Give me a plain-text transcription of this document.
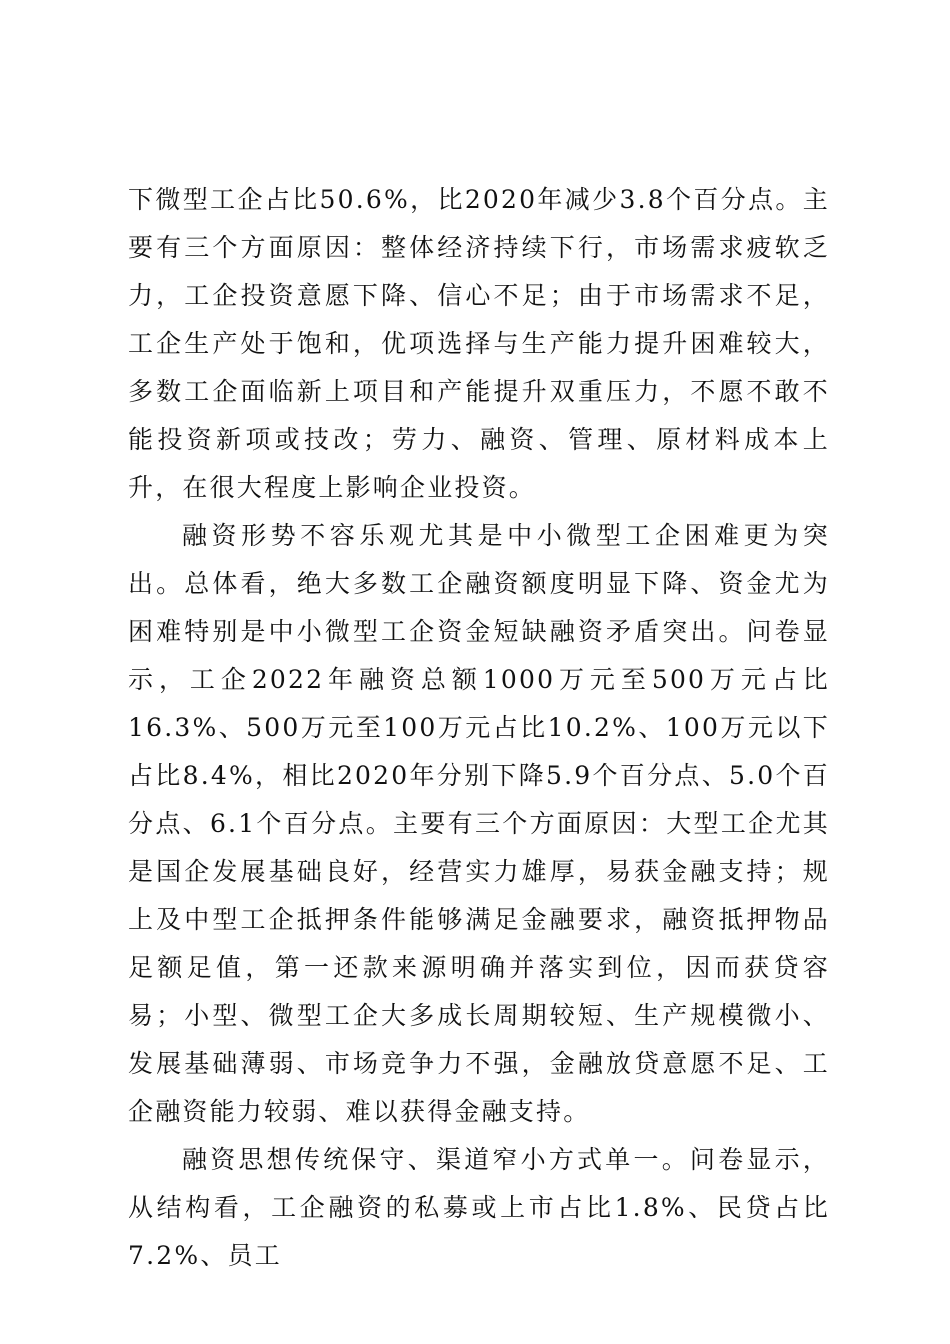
下微型工企占比50.6%，比2020年减少3.8个百分点。主要有三个方面原因：整体经济持续下行，市场需求疲软乏力，工企投资意愿下降、信心不足；由于市场需求不足，工企生产处于饱和，优项选择与生产能力提升困难较大，多数工企面临新上项目和产能提升双重压力，不愿不敢不能投资新项或技改；劳力、融资、管理、原材料成本上升，在很大程度上影响企业投资。

融资形势不容乐观尤其是中小微型工企困难更为突出。总体看，绝大多数工企融资额度明显下降、资金尤为困难特别是中小微型工企资金短缺融资矛盾突出。问卷显示，工企2022年融资总额1000万元至500万元占比16.3%、500万元至100万元占比10.2%、100万元以下占比8.4%，相比2020年分别下降5.9个百分点、5.0个百分点、6.1个百分点。主要有三个方面原因：大型工企尤其是国企发展基础良好，经营实力雄厚，易获金融支持；规上及中型工企抵押条件能够满足金融要求，融资抵押物品足额足值，第一还款来源明确并落实到位，因而获贷容易；小型、微型工企大多成长周期较短、生产规模微小、发展基础薄弱、市场竞争力不强，金融放贷意愿不足、工企融资能力较弱、难以获得金融支持。

融资思想传统保守、渠道窄小方式单一。问卷显示，从结构看，工企融资的私募或上市占比1.8%、民贷占比7.2%、员工
